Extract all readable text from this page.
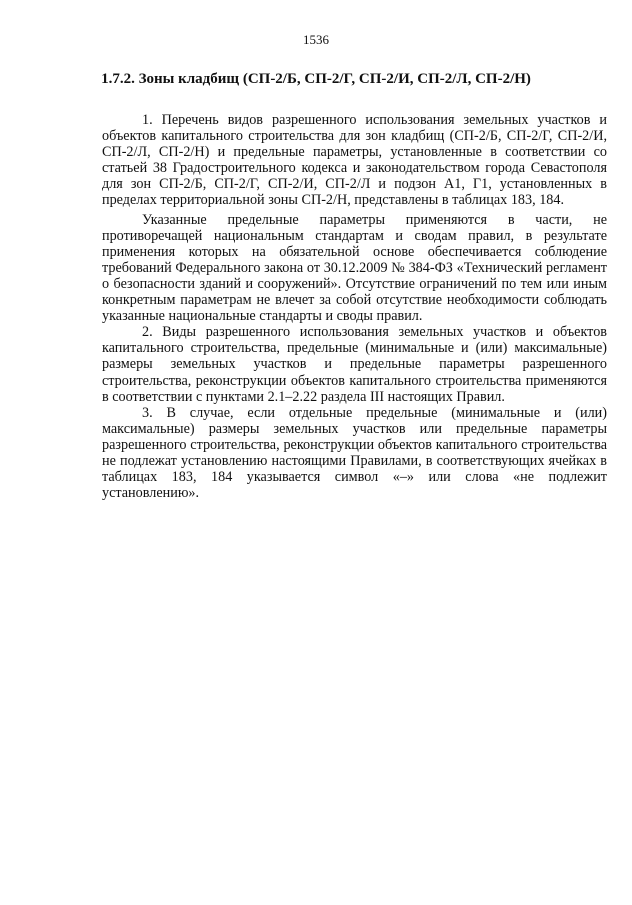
1536
1.7.2. Зоны кладбищ (СП-2/Б, СП-2/Г, СП-2/И, СП-2/Л, СП-2/Н)

1. Перечень видов разрешенного использования земельных участков и объектов капитального строительства для зон кладбищ (СП-2/Б, СП-2/Г, СП-2/И, СП-2/Л, СП-2/Н) и предельные параметры, установленные в соответствии со статьей 38 Градостроительного кодекса и законодательством города Севастополя для зон СП-2/Б, СП-2/Г, СП-2/И, СП-2/Л и подзон А1, Г1, установленных в пределах территориальной зоны СП-2/Н, представлены в таблицах 183, 184.

Указанные предельные параметры применяются в части, не противоречащей национальным стандартам и сводам правил, в результате применения которых на обязательной основе обеспечивается соблюдение требований Федерального закона от 30.12.2009 № 384-ФЗ «Технический регламент о безопасности зданий и сооружений». Отсутствие ограничений по тем или иным конкретным параметрам не влечет за собой отсутствие необходимости соблюдать указанные национальные стандарты и своды правил.

2. Виды разрешенного использования земельных участков и объектов капитального строительства, предельные (минимальные и (или) максимальные) размеры земельных участков и предельные параметры разрешенного строительства, реконструкции объектов капитального строительства применяются в соответствии с пунктами 2.1–2.22 раздела III настоящих Правил.

3. В случае, если отдельные предельные (минимальные и (или) максимальные) размеры земельных участков или предельные параметры разрешенного строительства, реконструкции объектов капитального строительства не подлежат установлению настоящими Правилами, в соответствующих ячейках в таблицах 183, 184 указывается символ «–» или слова «не подлежит установлению».
